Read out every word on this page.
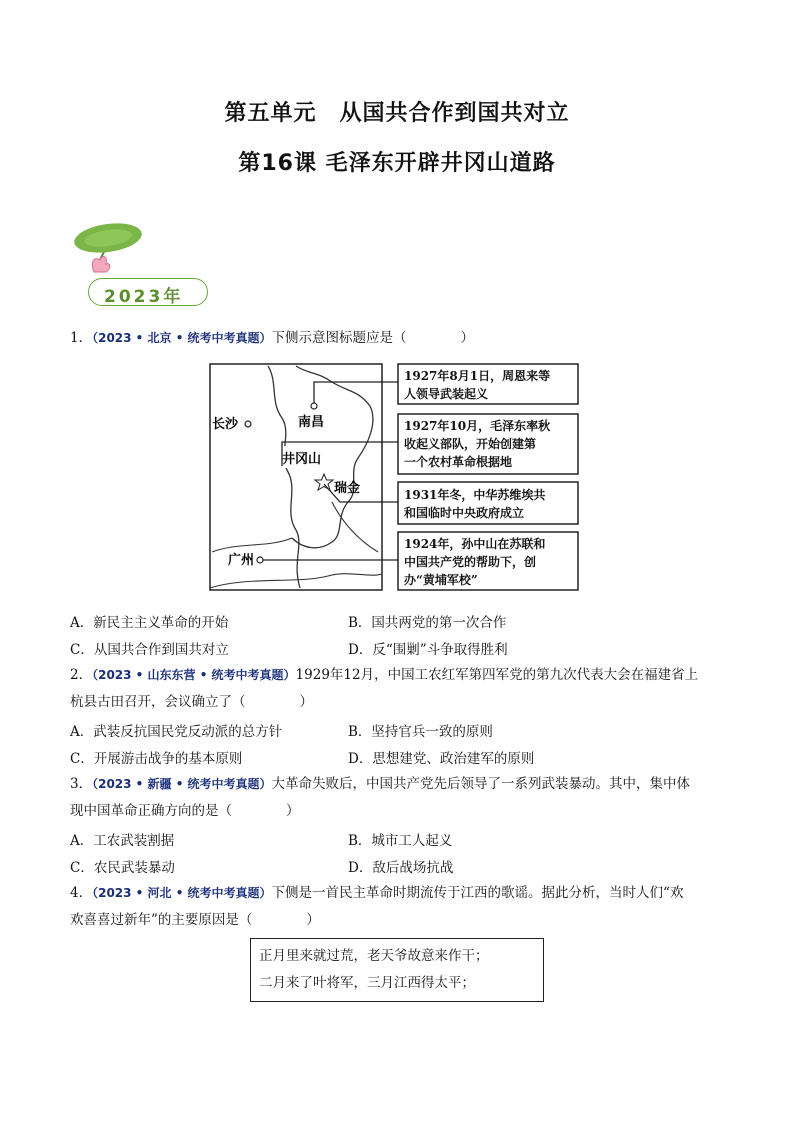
第五单元　从国共合作到国共对立
第16课 毛泽东开辟井冈山道路
2023年
1．（2023 • 北京 • 统考中考真题）下侧示意图标题应是（　　　　）
长沙	南昌
井冈山
瑞金
广州
1927年8月1日，周恩来等
人领导武装起义
1927年10月，毛泽东率秋
收起义部队，开始创建第
一个农村革命根据地
1931年冬，中华苏维埃共
和国临时中央政府成立
1924年，孙中山在苏联和
中国共产党的帮助下，创
办“黄埔军校”
A．新民主主义革命的开始	B．国共两党的第一次合作
C．从国共合作到国共对立	D．反“围剿”斗争取得胜利
2．（2023 • 山东东营 • 统考中考真题）1929年12月，中国工农红军第四军党的第九次代表大会在福建省上
杭县古田召开，会议确立了（　　　　）
A．武装反抗国民党反动派的总方针	B．坚持官兵一致的原则
C．开展游击战争的基本原则	D．思想建党、政治建军的原则
3．（2023 • 新疆 • 统考中考真题）大革命失败后，中国共产党先后领导了一系列武装暴动。其中，集中体
现中国革命正确方向的是（　　　　）
A．工农武装割据	B．城市工人起义
C．农民武装暴动	D．敌后战场抗战
4．（2023 • 河北 • 统考中考真题）下侧是一首民主革命时期流传于江西的歌谣。据此分析，当时人们“欢
欢喜喜过新年”的主要原因是（　　　　）
正月里来就过荒，老天爷故意来作干；
二月来了叶将军，三月江西得太平；
